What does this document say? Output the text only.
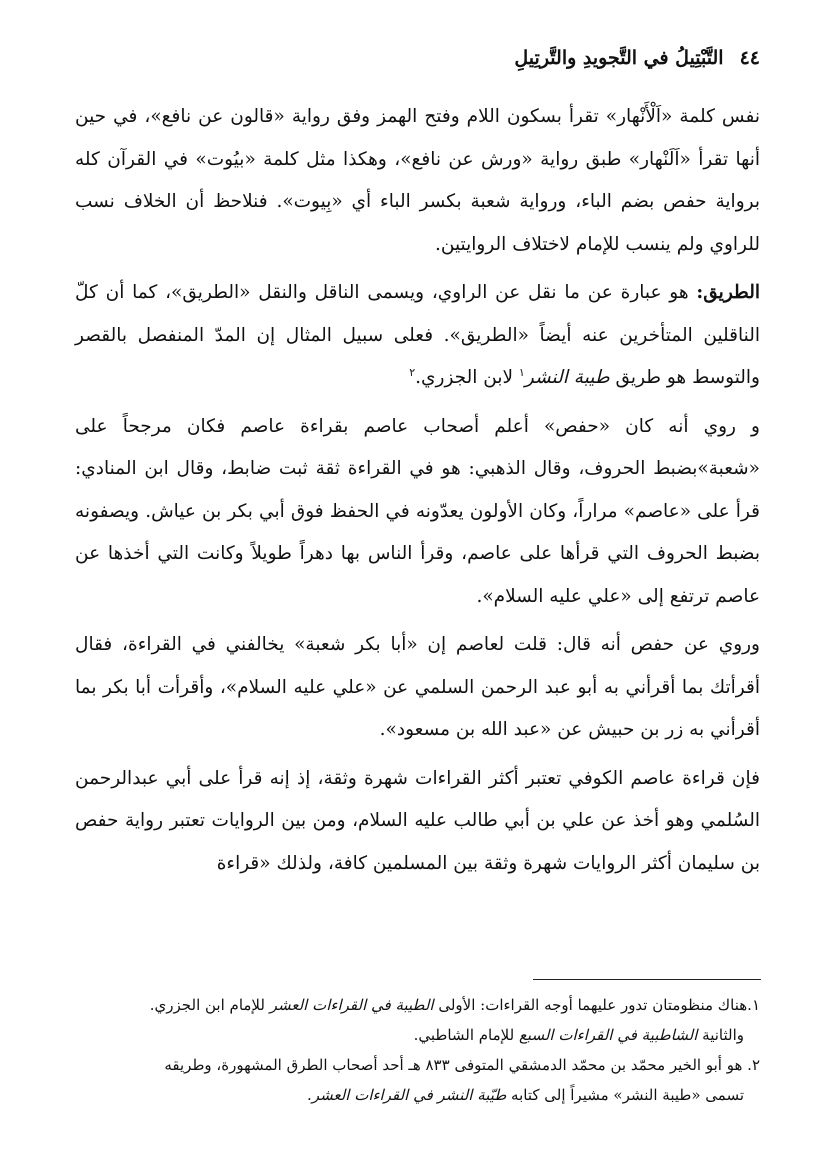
٤٤
التَّبْتِيلُ في التَّجويدِ والتَّرتِيلِ

نفس كلمة «اَلْأَنْهار» تقرأ بسكون اللام وفتح الهمز وفق رواية «قالون عن نافع»، في حين أنها تقرأ «اَلَنْهار» طبق رواية «ورش عن نافع»، وهكذا مثل كلمة «بيُوت» في القرآن كله برواية حفص بضم الباء، ورواية شعبة بكسر الباء أي «بِيوت». فنلاحظ أن الخلاف نسب للراوي ولم ينسب للإمام لاختلاف الروايتين.

الطريق: هو عبارة عن ما نقل عن الراوي، ويسمى الناقل والنقل «الطريق»، كما أن كلّ الناقلين المتأخرين عنه أيضاً «الطريق». فعلى سبيل المثال إن المدّ المنفصل بالقصر والتوسط هو طريق طيبة النشر$^١$ لابن الجزري.$^٢$

و روي أنه كان «حفص» أعلم أصحاب عاصم بقراءة عاصم فكان مرجحاً على «شعبة»بضبط الحروف، وقال الذهبي: هو في القراءة ثقة ثبت ضابط، وقال ابن المنادي: قرأ على «عاصم» مراراً، وكان الأولون يعدّونه في الحفظ فوق أبي بكر بن عياش. ويصفونه بضبط الحروف التي قرأها على عاصم، وقرأ الناس بها دهراً طويلاً وكانت التي أخذها عن عاصم ترتفع إلى «علي عليه السلام».

وروي عن حفص أنه قال: قلت لعاصم إن «أبا بكر شعبة» يخالفني في القراءة، فقال أقرأتك بما أقرأني به أبو عبد الرحمن السلمي عن «علي عليه السلام»، وأقرأت أبا بكر بما أقرأني به زر بن حبيش عن «عبد الله بن مسعود».

فإن قراءة عاصم الكوفي تعتبر أكثر القراءات شهرة وثقة، إذ إنه قرأ على أبي عبدالرحمن السُلمي وهو أخذ عن علي بن أبي طالب عليه السلام، ومن بين الروايات تعتبر رواية حفص بن سليمان أكثر الروايات شهرة وثقة بين المسلمين كافة، ولذلك «قراءة

١.هناك منظومتان تدور عليهما أوجه القراءات: الأولى الطيبة في القراءات العشر للإمام ابن الجزري.
والثانية الشاطبية في القراءات السبع للإمام الشاطبي.

٢. هو أبو الخير محمّد بن محمّد الدمشقي المتوفى ٨٣٣ هـ أحد أصحاب الطرق المشهورة، وطريقه
تسمى «طيبة النشر» مشيراً إلى كتابه طيّبة النشر في القراءات العشر.
